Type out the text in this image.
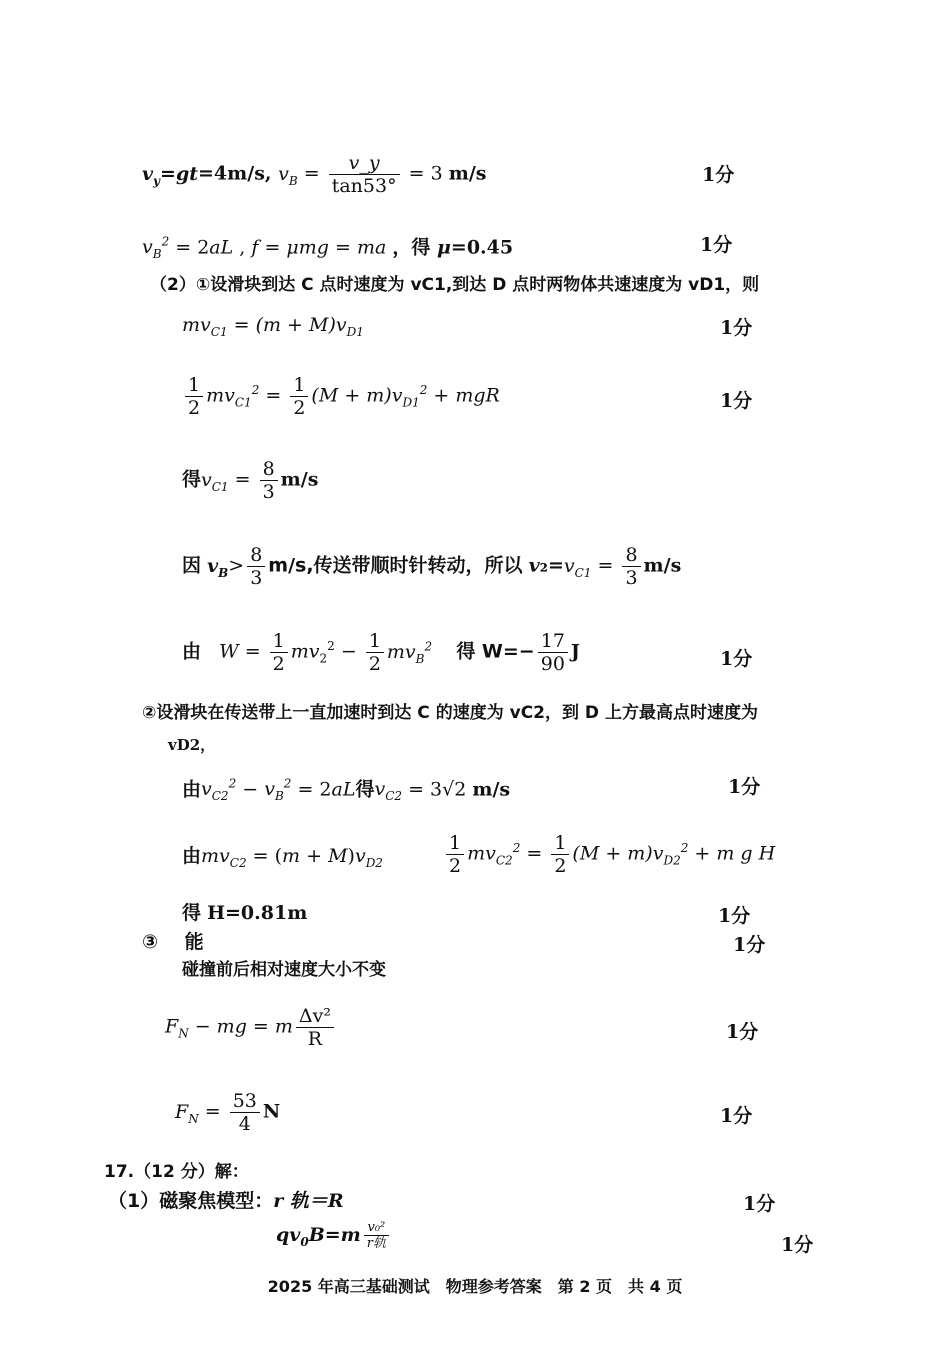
$v_y=gt=4m/s$, $v_B = \frac{v\_y}{\tan 53^\circ} = 3$ m/s	1分
$v_B^2 = 2aL$ , f = μmg = ma ，得 μ=0.45	1分
（2）①设滑块到达 C 点时速度为 vC1,到达 D 点时两物体共速速度为 vD1，则
$mv_{C1} = (m + M)v_{D1}$	1分
$\frac{1}{2} mv_{C1}^2 = \frac{1}{2} (M + m)v_{D1}^2$ + mgR	1分
得$v_{C1} = \frac{8}{3} m/s$
因 $v_B> \frac{8}{3} m/s$,传送带顺时针转动，所以 $v_2=v_{C1} = \frac{8}{3} m/s$
由 $W = \frac{1}{2} mv_2^2 - \frac{1}{2} mv_B^2$ 得 $W=- \frac{17}{90}$ J	1分
②设滑块在传送带上一直加速时到达 C 的速度为 vC2，到 D 上方最高点时速度为
vD2，
由$v_{C2}^2 - v_B^2 = 2aL$得$v_{C2} = 3√2$ m/s	1分
由$mv_{C2} = (m + M)v_{D2}$	$\frac{1}{2} mv_{C2}^2 = \frac{1}{2} (M + m)v_{D2}^2 + m$ g H
得 H=0.81m	1分
③ 能	1分
碰撞前后相对速度大小不变
$F_N$ − mg = m $\frac{\text{Δv²}}{R}$	1分
$F_N = \frac{53}{4}$ N	1分
17.（12 分）解：
（1）磁聚焦模型：r 轨＝R	1分
$qv_0B=m$ v₀²
r轨	1分
2025 年高三基础测试　物理参考答案　第 2 页　共 4 页
